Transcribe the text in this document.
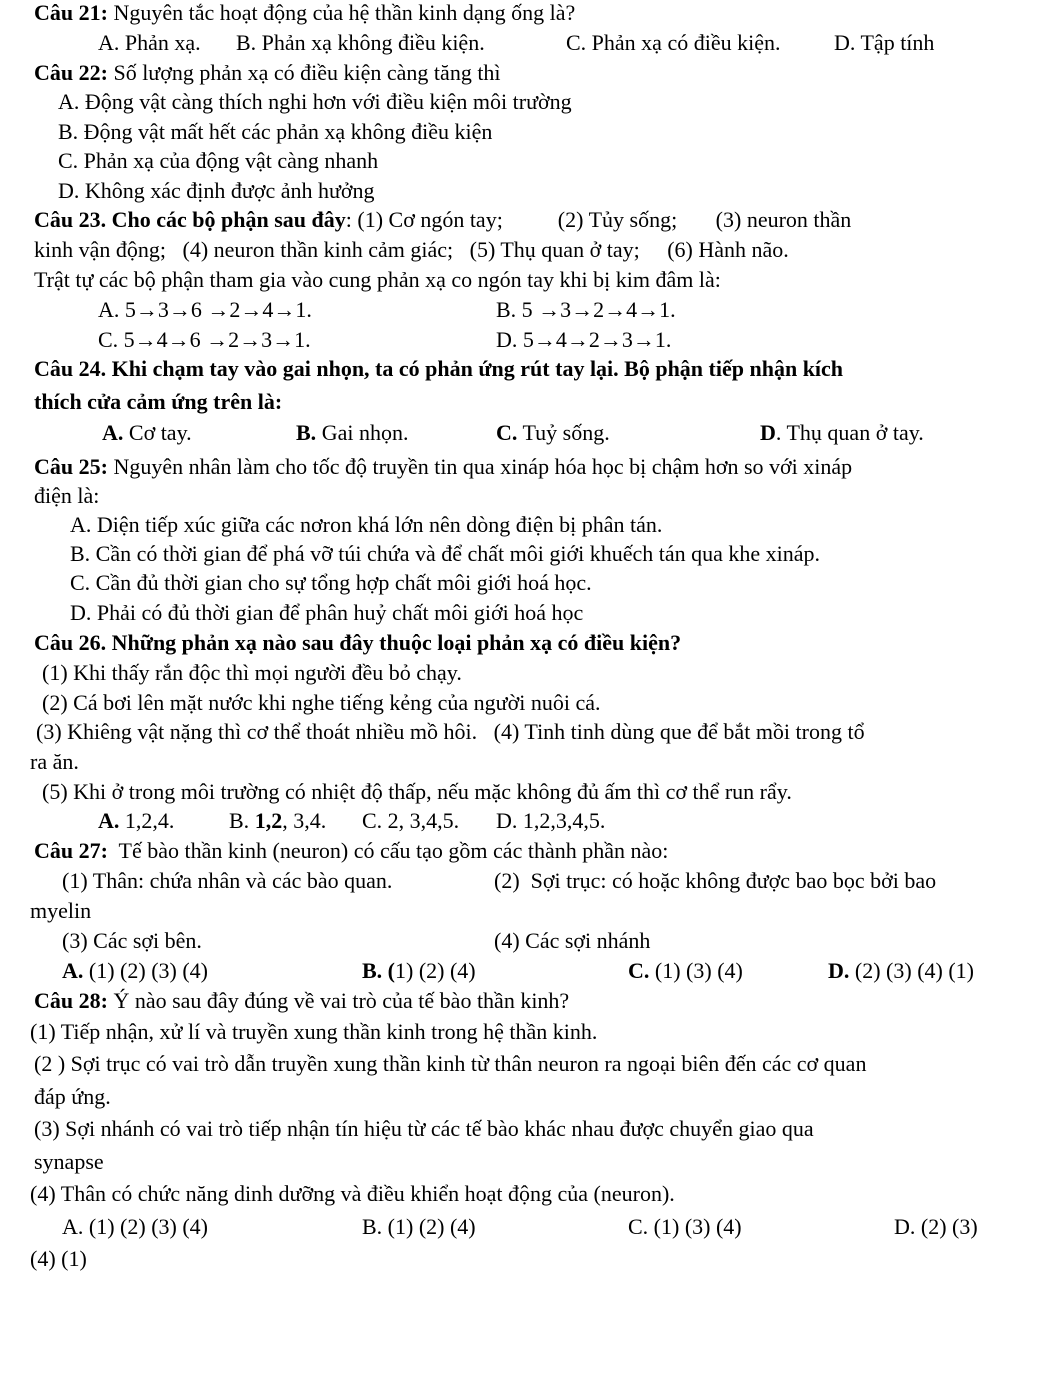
Câu 21: Nguyên tắc hoạt động của hệ thần kinh dạng ống là?
A. Phản xạ. B. Phản xạ không điều kiện.	C. Phản xạ có điều kiện. D. Tập tính
Câu 22: Số lượng phản xạ có điều kiện càng tăng thì
A. Động vật càng thích nghi hơn với điều kiện môi trường
B. Động vật mất hết các phản xạ không điều kiện
C. Phản xạ của động vật càng nhanh
D. Không xác định được ảnh hưởng
Câu 23. Cho các bộ phận sau đây: (1) Cơ ngón tay;          (2) Tủy sống;       (3) neuron thần
kinh vận động;   (4) neuron thần kinh cảm giác;   (5) Thụ quan ở tay;     (6) Hành não.
Trật tự các bộ phận tham gia vào cung phản xạ co ngón tay khi bị kim đâm là:
A. 5→3→6 →2→4→1.	B. 5 →3→2→4→1.
C. 5→4→6 →2→3→1.	D. 5→4→2→3→1.
Câu 24. Khi chạm tay vào gai nhọn, ta có phản ứng rút tay lại. Bộ phận tiếp nhận kích
thích cửa cảm ứng trên là:
A. Cơ tay.	B. Gai nhọn.	C. Tuỷ sống.	D. Thụ quan ở tay.
Câu 25: Nguyên nhân làm cho tốc độ truyền tin qua xináp hóa học bị chậm hơn so với xináp
điện là:
A. Diện tiếp xúc giữa các nơron khá lớn nên dòng điện bị phân tán.
B. Cần có thời gian để phá vỡ túi chứa và để chất môi giới khuếch tán qua khe xináp.
C. Cần đủ thời gian cho sự tổng hợp chất môi giới hoá học.
D. Phải có đủ thời gian để phân huỷ chất môi giới hoá học
Câu 26. Những phản xạ nào sau đây thuộc loại phản xạ có điều kiện?
(1) Khi thấy rắn độc thì mọi người đều bỏ chạy.
(2) Cá bơi lên mặt nước khi nghe tiếng kẻng của người nuôi cá.
(3) Khiêng vật nặng thì cơ thể thoát nhiều mồ hôi.   (4) Tinh tinh dùng que để bắt mồi trong tổ
ra ăn.
(5) Khi ở trong môi trường có nhiệt độ thấp, nếu mặc không đủ ấm thì cơ thể run rẩy.
A. 1,2,4. B. 1,2, 3,4. C. 2, 3,4,5. D. 1,2,3,4,5.
Câu 27:  Tế bào thần kinh (neuron) có cấu tạo gồm các thành phần nào:
(1) Thân: chứa nhân và các bào quan.	(2)  Sợi trục: có hoặc không được bao bọc bởi bao
myelin
(3) Các sợi bên.	(4) Các sợi nhánh
A. (1) (2) (3) (4)	B. (1) (2) (4)	C. (1) (3) (4)	D. (2) (3) (4) (1)
Câu 28: Ý nào sau đây đúng về vai trò của tế bào thần kinh?
(1) Tiếp nhận, xử lí và truyền xung thần kinh trong hệ thần kinh.
(2 ) Sợi trục có vai trò dẫn truyền xung thần kinh từ thân neuron ra ngoại biên đến các cơ quan
đáp ứng.
(3) Sợi nhánh có vai trò tiếp nhận tín hiệu từ các tế bào khác nhau được chuyển giao qua
synapse
(4) Thân có chức năng dinh dưỡng và điều khiển hoạt động của (neuron).
A. (1) (2) (3) (4)	B. (1) (2) (4)	C. (1) (3) (4)	D. (2) (3)
(4) (1)
